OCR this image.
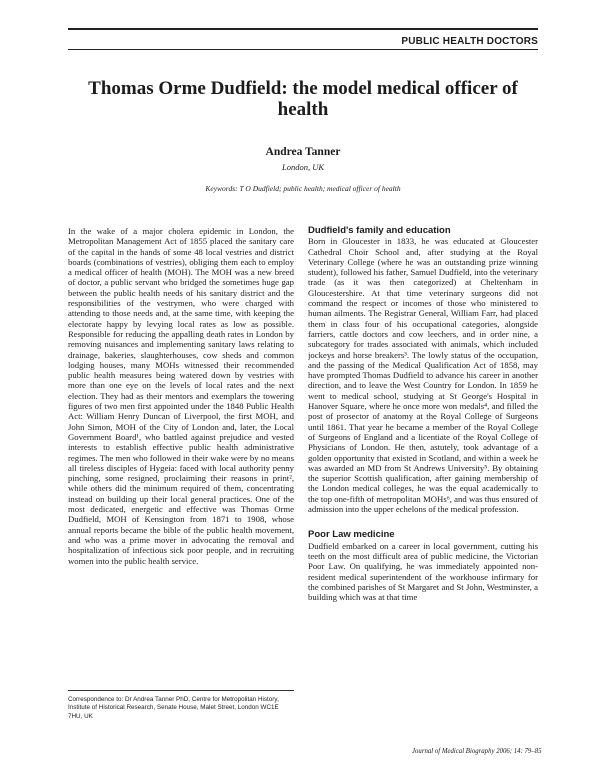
PUBLIC HEALTH DOCTORS
Thomas Orme Dudfield: the model medical officer of health
Andrea Tanner
London, UK
Keywords: T O Dudfield; public health; medical officer of health

In the wake of a major cholera epidemic in London, the Metropolitan Management Act of 1855 placed the sanitary care of the capital in the hands of some 48 local vestries and district boards (combinations of vestries), obliging them each to employ a medical officer of health (MOH). The MOH was a new breed of doctor, a public servant who bridged the sometimes huge gap between the public health needs of his sanitary district and the responsibilities of the vestrymen, who were charged with attending to those needs and, at the same time, with keeping the electorate happy by levying local rates as low as possible. Responsible for reducing the appalling death rates in London by removing nuisances and implementing sanitary laws relating to drainage, bakeries, slaughterhouses, cow sheds and common lodging houses, many MOHs witnessed their recommended public health measures being watered down by vestries with more than one eye on the levels of local rates and the next election. They had as their mentors and exemplars the towering figures of two men first appointed under the 1848 Public Health Act: William Henry Duncan of Liverpool, the first MOH, and John Simon, MOH of the City of London and, later, the Local Government Board¹, who battled against prejudice and vested interests to establish effective public health administrative regimes. The men who followed in their wake were by no means all tireless disciples of Hygeia: faced with local authority penny pinching, some resigned, proclaiming their reasons in print², while others did the minimum required of them, concentrating instead on building up their local general practices. One of the most dedicated, energetic and effective was Thomas Orme Dudfield, MOH of Kensington from 1871 to 1908, whose annual reports became the bible of the public health movement, and who was a prime mover in advocating the removal and hospitalization of infectious sick poor people, and in recruiting women into the public health service.

Dudfield's family and education

Born in Gloucester in 1833, he was educated at Gloucester Cathedral Choir School and, after studying at the Royal Veterinary College (where he was an outstanding prize winning student), followed his father, Samuel Dudfield, into the veterinary trade (as it was then categorized) at Cheltenham in Gloucestershire. At that time veterinary surgeons did not command the respect or incomes of those who ministered to human ailments. The Registrar General, William Farr, had placed them in class four of his occupational categories, alongside farriers, cattle doctors and cow leechers, and in order nine, a subcategory for trades associated with animals, which included jockeys and horse breakers³. The lowly status of the occupation, and the passing of the Medical Qualification Act of 1858, may have prompted Thomas Dudfield to advance his career in another direction, and to leave the West Country for London. In 1859 he went to medical school, studying at St George's Hospital in Hanover Square, where he once more won medals⁴, and filled the post of prosector of anatomy at the Royal College of Surgeons until 1861. That year he became a member of the Royal College of Surgeons of England and a licentiate of the Royal College of Physicians of London. He then, astutely, took advantage of a golden opportunity that existed in Scotland, and within a week he was awarded an MD from St Andrews University⁵. By obtaining the superior Scottish qualification, after gaining membership of the London medical colleges, he was the equal academically to the top one-fifth of metropolitan MOHs⁶, and was thus ensured of admission into the upper echelons of the medical profession.

Poor Law medicine

Dudfield embarked on a career in local government, cutting his teeth on the most difficult area of public medicine, the Victorian Poor Law. On qualifying, he was immediately appointed non-resident medical superintendent of the workhouse infirmary for the combined parishes of St Margaret and St John, Westminster, a building which was at that time

Correspondence to: Dr Andrea Tanner PhD, Centre for Metropolitan History, Institute of Historical Research, Senate House, Malet Street, London WC1E 7HU, UK
Journal of Medical Biography 2006; 14: 79–85
